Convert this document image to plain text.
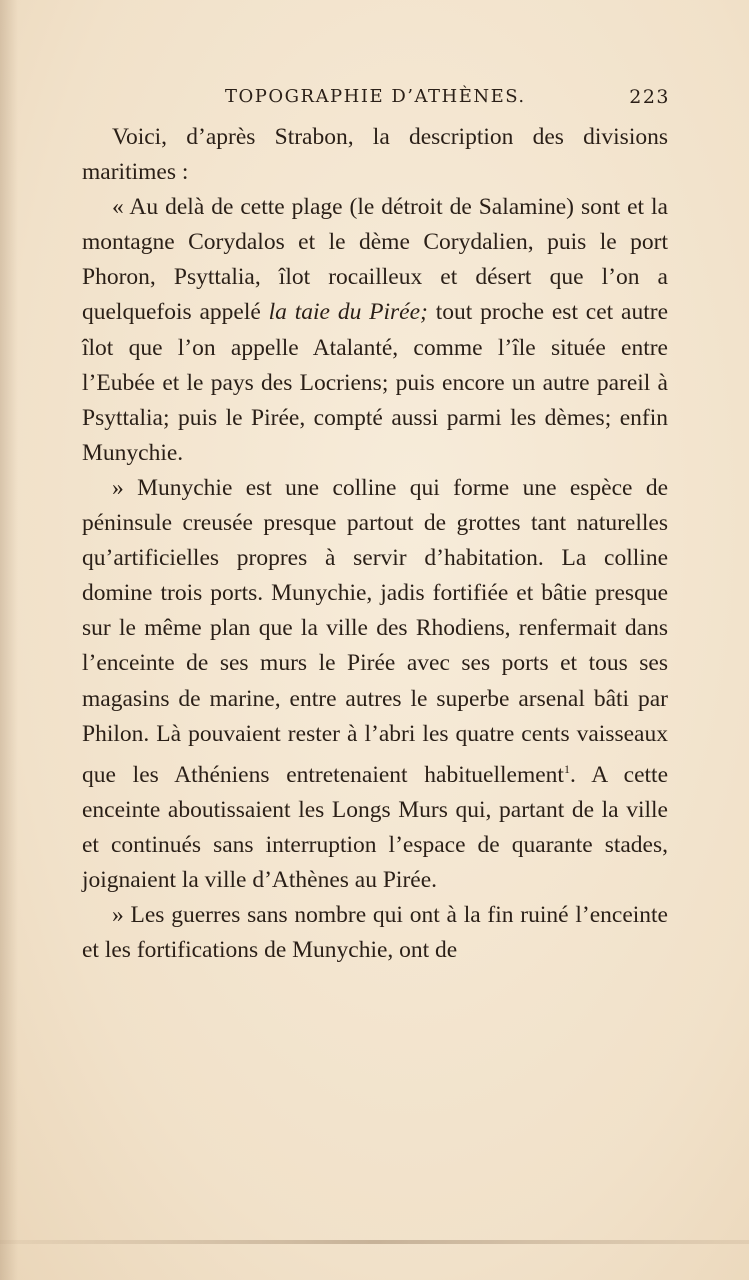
TOPOGRAPHIE D’ATHÈNES.	223

Voici, d’après Strabon, la description des divisions maritimes :

« Au delà de cette plage (le détroit de Salamine) sont et la montagne Corydalos et le dème Corydalien, puis le port Phoron, Psyttalia, îlot rocailleux et désert que l’on a quelquefois appelé la taie du Pirée; tout proche est cet autre îlot que l’on appelle Atalanté, comme l’île située entre l’Eubée et le pays des Locriens; puis encore un autre pareil à Psyttalia; puis le Pirée, compté aussi parmi les dèmes; enfin Munychie.

» Munychie est une colline qui forme une espèce de péninsule creusée presque partout de grottes tant naturelles qu’artificielles propres à servir d’habitation. La colline domine trois ports. Munychie, jadis fortifiée et bâtie presque sur le même plan que la ville des Rhodiens, renfermait dans l’enceinte de ses murs le Pirée avec ses ports et tous ses magasins de marine, entre autres le superbe arsenal bâti par Philon. Là pouvaient rester à l’abri les quatre cents vaisseaux que les Athéniens entretenaient habituellement$^1$. A cette enceinte aboutissaient les Longs Murs qui, partant de la ville et continués sans interruption l’espace de quarante stades, joignaient la ville d’Athènes au Pirée.

» Les guerres sans nombre qui ont à la fin ruiné l’enceinte et les fortifications de Munychie, ont de
